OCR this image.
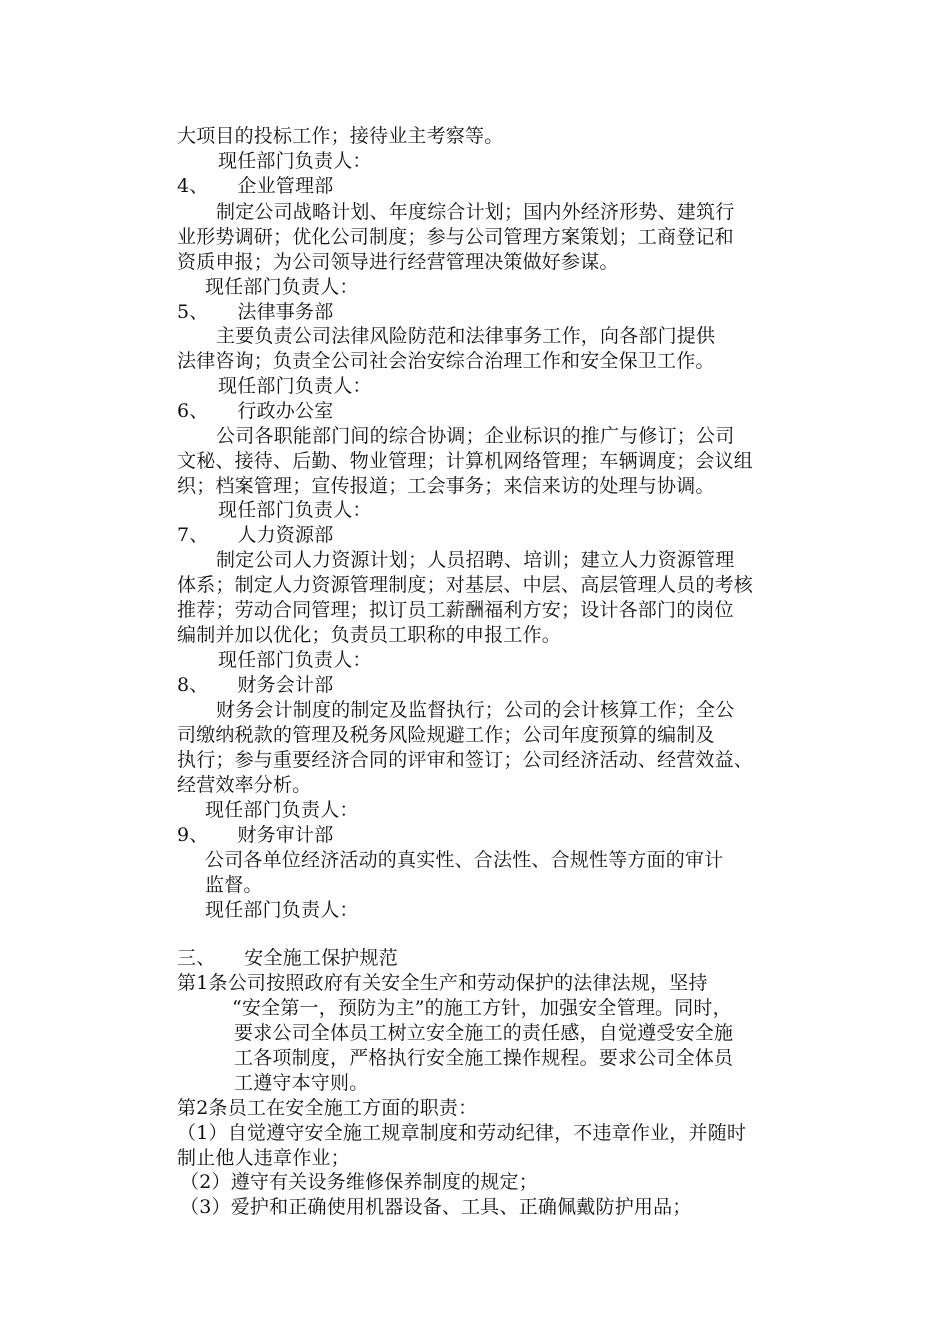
大项目的投标工作；接待业主考察等。
现任部门负责人：
4、　　企业管理部
制定公司战略计划、年度综合计划；国内外经济形势、建筑行
业形势调研；优化公司制度；参与公司管理方案策划；工商登记和
资质申报；为公司领导进行经营管理决策做好参谋。
现任部门负责人：
5、　　法律事务部
主要负责公司法律风险防范和法律事务工作，向各部门提供
法律咨询；负责全公司社会治安综合治理工作和安全保卫工作。
现任部门负责人：
6、　　行政办公室
公司各职能部门间的综合协调；企业标识的推广与修订；公司
文秘、接待、后勤、物业管理；计算机网络管理；车辆调度；会议组
织；档案管理；宣传报道；工会事务；来信来访的处理与协调。
现任部门负责人：
7、　　人力资源部
制定公司人力资源计划；人员招聘、培训；建立人力资源管理
体系；制定人力资源管理制度；对基层、中层、高层管理人员的考核
推荐；劳动合同管理；拟订员工薪酬福利方安；设计各部门的岗位
编制并加以优化；负责员工职称的申报工作。
现任部门负责人：
8、　　财务会计部
财务会计制度的制定及监督执行；公司的会计核算工作；全公
司缴纳税款的管理及税务风险规避工作；公司年度预算的编制及
执行；参与重要经济合同的评审和签订；公司经济活动、经营效益、
经营效率分析。
现任部门负责人：
9、　　财务审计部
公司各单位经济活动的真实性、合法性、合规性等方面的审计
监督。
现任部门负责人：
三、　　安全施工保护规范
第1条公司按照政府有关安全生产和劳动保护的法律法规，坚持
“安全第一，预防为主”的施工方针，加强安全管理。同时，
要求公司全体员工树立安全施工的责任感，自觉遵受安全施
工各项制度，严格执行安全施工操作规程。要求公司全体员
工遵守本守则。
第2条员工在安全施工方面的职责：
（1）自觉遵守安全施工规章制度和劳动纪律，不违章作业，并随时
制止他人违章作业；
（2）遵守有关设务维修保养制度的规定；
（3）爱护和正确使用机器设备、工具、正确佩戴防护用品；
